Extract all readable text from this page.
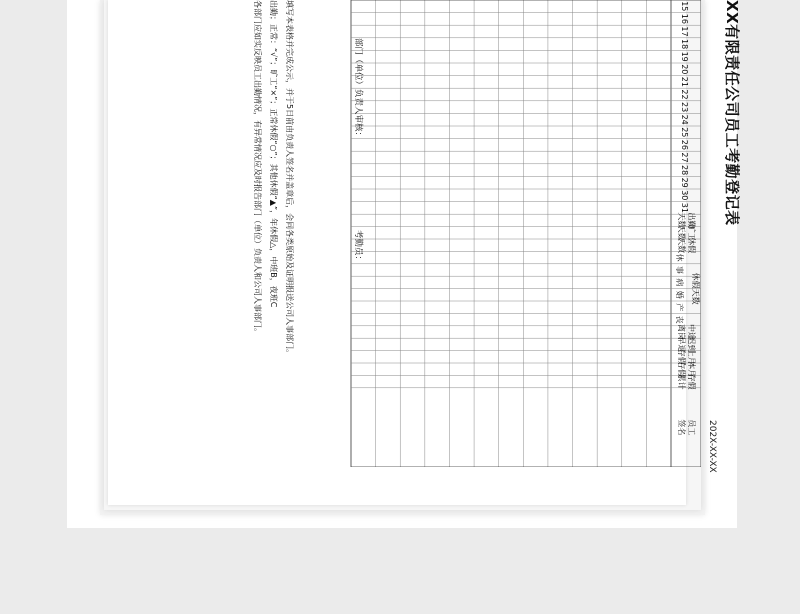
XX有限责任公司员工考勤登记表
202X-XX-XX
15
16
17
18
19
20
21
22
23
24
25
26
27
28
29
30
31
出勤
天数
旷工
天数
休假
天数
休假天数
休
事
病
婚
产
丧
中途
离岗
迟到
早退
上月
存假
本月
存假
存假
累计
员工
签名
部门（单位）负责人审核：
考勤员：
填写本表格并完成公示，并于5日前由负责人签名并盖章后，会同各类原始及证明报送公司人事部门。
出勤；正常：“√”；旷工“×”；正常休假“○”；其他休假“▲”，年休假△，中班B，夜班C
各部门应如实反映员工出勤情况，有异常情况应及时报告部门（单位）负责人和公司人事部门。
